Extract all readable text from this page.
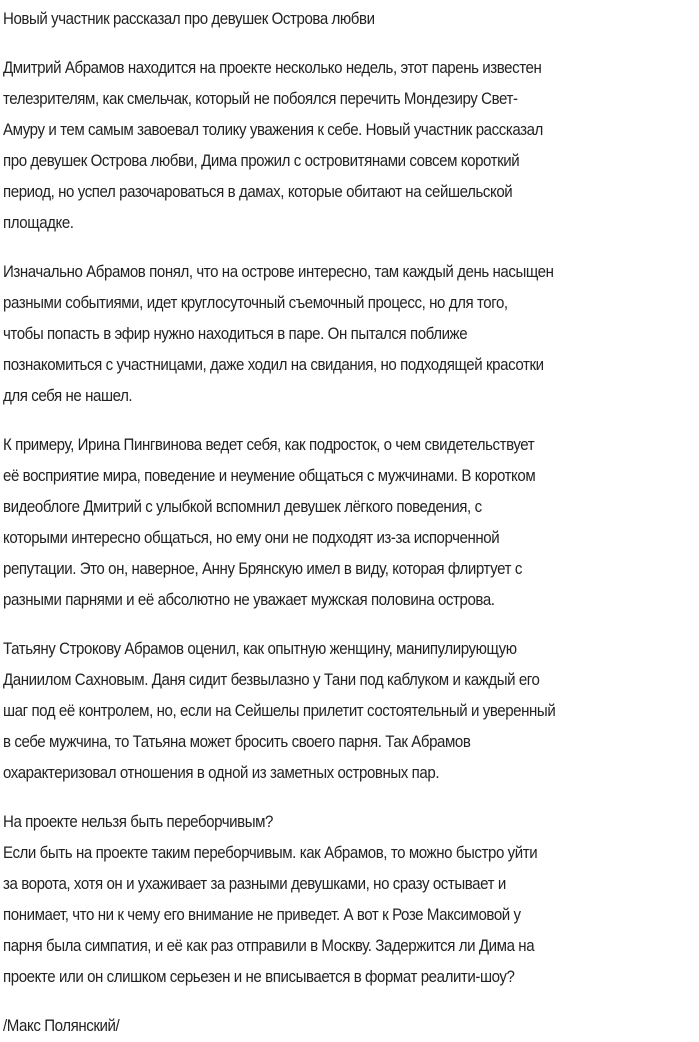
Новый участник рассказал про девушек Острова любви
Дмитрий Абрамов находится на проекте несколько недель, этот парень известен
телезрителям, как смельчак, который не побоялся перечить Мондезиру Свет-
Амуру и тем самым завоевал толику уважения к себе. Новый участник рассказал
про девушек Острова любви, Дима прожил с островитянами совсем короткий
период, но успел разочароваться в дамах, которые обитают на сейшельской
площадке.
Изначально Абрамов понял, что на острове интересно, там каждый день насыщен
разными событиями, идет круглосуточный съемочный процесс, но для того,
чтобы попасть в эфир нужно находиться в паре. Он пытался поближе
познакомиться с участницами, даже ходил на свидания, но подходящей красотки
для себя не нашел.
К примеру, Ирина Пингвинова ведет себя, как подросток, о чем свидетельствует
её восприятие мира, поведение и неумение общаться с мужчинами. В коротком
видеоблоге Дмитрий с улыбкой вспомнил девушек лёгкого поведения, с
которыми интересно общаться, но ему они не подходят из-за испорченной
репутации. Это он, наверное, Анну Брянскую имел в виду, которая флиртует с
разными парнями и её абсолютно не уважает мужская половина острова.
Татьяну Строкову Абрамов оценил, как опытную женщину, манипулирующую
Даниилом Сахновым. Даня сидит безвылазно у Тани под каблуком и каждый его
шаг под её контролем, но, если на Сейшелы прилетит состоятельный и уверенный
в себе мужчина, то Татьяна может бросить своего парня. Так Абрамов
охарактеризовал отношения в одной из заметных островных пар.
На проекте нельзя быть переборчивым?
Если быть на проекте таким переборчивым. как Абрамов, то можно быстро уйти
за ворота, хотя он и ухаживает за разными девушками, но сразу остывает и
понимает, что ни к чему его внимание не приведет. А вот к Розе Максимовой у
парня была симпатия, и её как раз отправили в Москву. Задержится ли Дима на
проекте или он слишком серьезен и не вписывается в формат реалити-шоу?

/Макс Полянский/
